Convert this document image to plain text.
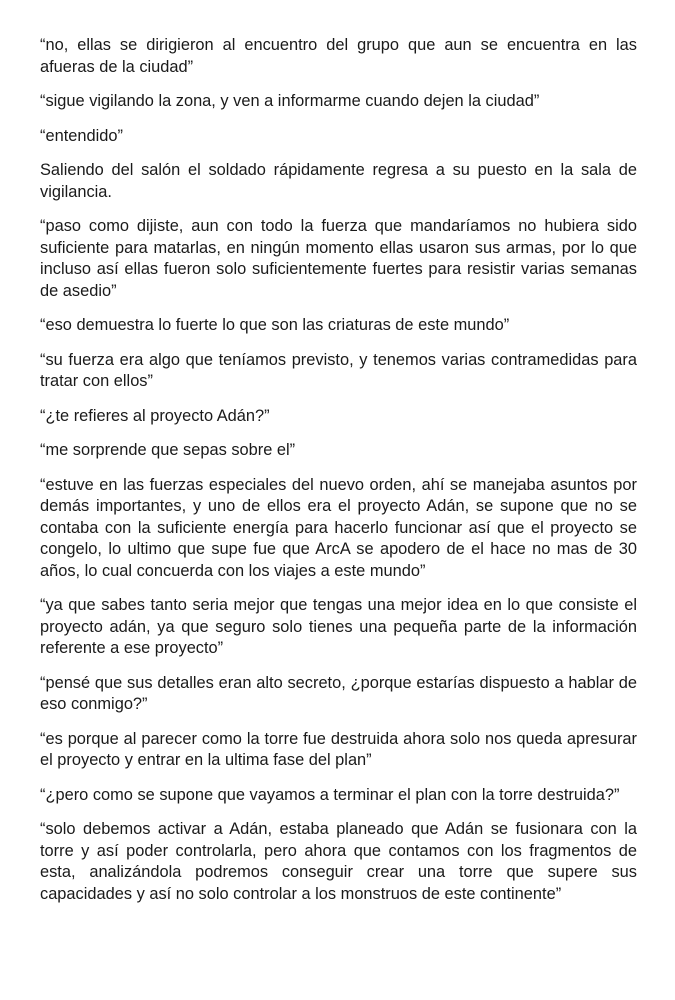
“no, ellas se dirigieron al encuentro del grupo que aun se encuentra en las afueras de la ciudad”

“sigue vigilando la zona, y ven a informarme cuando dejen la ciudad”

“entendido”

Saliendo del salón el soldado rápidamente regresa a su puesto en la sala de vigilancia.

“paso como dijiste, aun con todo la fuerza que mandaríamos no hubiera sido suficiente para matarlas, en ningún momento ellas usaron sus armas, por lo que incluso así ellas fueron solo suficientemente fuertes para resistir varias semanas de asedio”

“eso demuestra lo fuerte lo que son las criaturas de este mundo”

“su fuerza era algo que teníamos previsto, y tenemos varias contramedidas para tratar con ellos”

“¿te refieres al proyecto Adán?”

“me sorprende que sepas sobre el”

“estuve en las fuerzas especiales del nuevo orden, ahí se manejaba asuntos por demás importantes, y uno de ellos era el proyecto Adán, se supone que no se contaba con la suficiente energía para hacerlo funcionar así que el proyecto se congelo, lo ultimo que supe fue que ArcA se apodero de el hace no mas de 30 años, lo cual concuerda con los viajes a este mundo”

“ya que sabes tanto seria mejor que tengas una mejor idea en lo que consiste el proyecto adán, ya que seguro solo tienes una pequeña parte de la información referente a ese proyecto”

“pensé que sus detalles eran alto secreto, ¿porque estarías dispuesto a hablar de eso conmigo?”

“es porque al parecer como la torre fue destruida ahora solo nos queda apresurar el proyecto y entrar en la ultima fase del plan”

“¿pero como se supone que vayamos a terminar el plan con la torre destruida?”

“solo debemos activar a Adán, estaba planeado que Adán se fusionara con la torre y así poder controlarla, pero ahora que contamos con los fragmentos de esta, analizándola podremos conseguir crear una torre que supere sus capacidades y así no solo controlar a los monstruos de este continente”
